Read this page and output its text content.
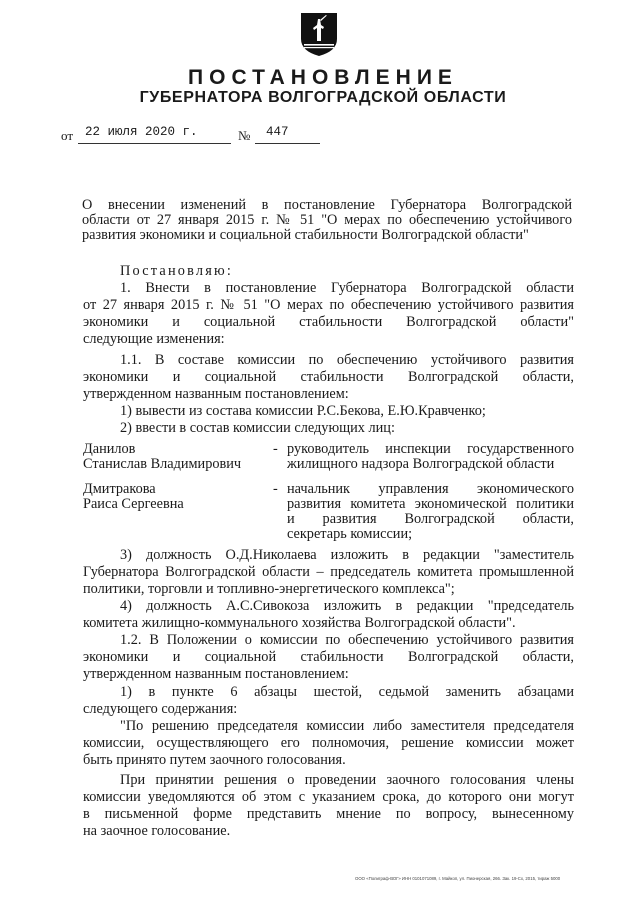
ПОСТАНОВЛЕНИЕ
ГУБЕРНАТОРА ВОЛГОГРАДСКОЙ ОБЛАСТИ
от 22 июля 2020 г.	№ 447
О внесении изменений в постановление Губернатора Волгоградской
области от 27 января 2015 г. № 51 "О мерах по обеспечению устойчивого
развития экономики и социальной стабильности Волгоградской области"
Постановляю:
1. Внести в постановление Губернатора Волгоградской области
от 27 января 2015 г. № 51 "О мерах по обеспечению устойчивого развития
экономики и социальной стабильности Волгоградской области"
следующие изменения:
1.1. В составе комиссии по обеспечению устойчивого развития
экономики и социальной стабильности Волгоградской области,
утвержденном названным постановлением:
1) вывести из состава комиссии Р.С.Бекова, Е.Ю.Кравченко;
2) ввести в состав комиссии следующих лиц:
Данилов
Станислав Владимирович
- руководитель инспекции государственного
жилищного надзора Волгоградской области
Дмитракова
Раиса Сергеевна
- начальник управления экономического
развития комитета экономической политики
и развития Волгоградской области,
секретарь комиссии;
3) должность О.Д.Николаева изложить в редакции "заместитель
Губернатора Волгоградской области – председатель комитета промышленной
политики, торговли и топливно-энергетического комплекса";
4) должность А.С.Сивокоза изложить в редакции "председатель
комитета жилищно-коммунального хозяйства Волгоградской области".
1.2. В Положении о комиссии по обеспечению устойчивого развития
экономики и социальной стабильности Волгоградской области,
утвержденном названным постановлением:
1) в пункте 6 абзацы шестой, седьмой заменить абзацами
следующего содержания:
"По решению председателя комиссии либо заместителя председателя
комиссии, осуществляющего его полномочия, решение комиссии может
быть принято путем заочного голосования.
При принятии решения о проведении заочного голосования члены
комиссии уведомляются об этом с указанием срока, до которого они могут
в письменной форме представить мнение по вопросу, вынесенному
на заочное голосование.
ООО «Полиграф-ВОГ» ИНН 0101071089, г. Майкоп, ул. Пионерская, 266. Зак. 19-Сх, 2015, тираж 5000
